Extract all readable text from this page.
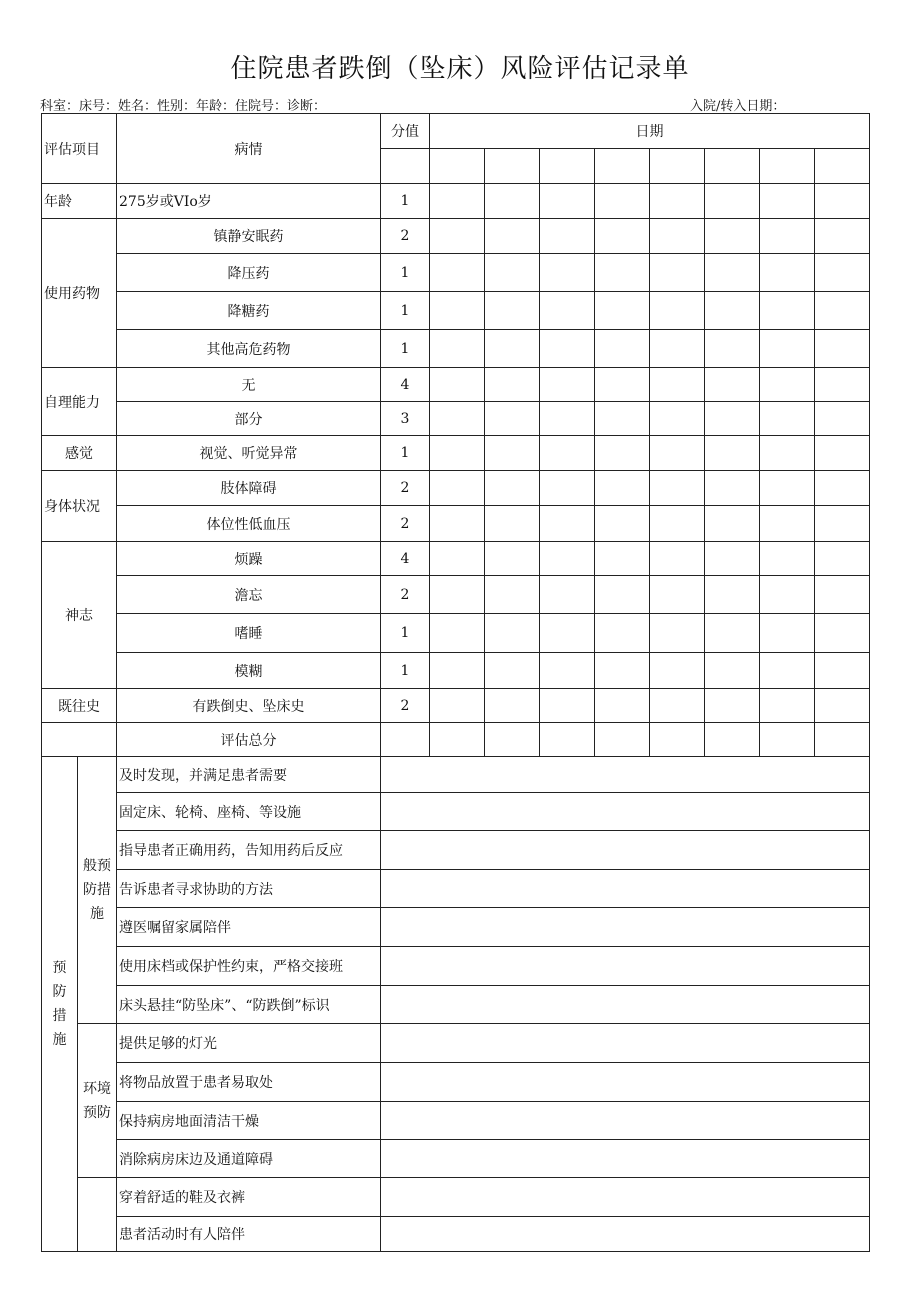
住院患者跌倒（坠床）风险评估记录单
科室：床号：姓名：性别：年龄：住院号：诊断：	入院/转入日期：
评估项目		病情	分值	日期							

年龄		275岁或VIo岁	1								
使用药物		镇静安眠药	2								
		降压药	1								
		降糖药	1								
		其他高危药物	1								
自理能力		无	4								
		部分	3								
感觉		视觉、听觉异常	1								
身体状况		肢体障碍	2								
		体位性低血压	2								
神志		烦躁	4								
		澹忘	2								
		嗜睡	1								
		模糊	1								
既往史		有跌倒史、坠床史	2								
		评估总分									
预防措施	般预防措施	及时发现，并满足患者需要									
		固定床、轮椅、座椅、等设施									
		指导患者正确用药，告知用药后反应									
		告诉患者寻求协助的方法									
		遵医嘱留家属陪伴									
		使用床档或保护性约束，严格交接班									
		床头悬挂“防坠床”、“防跌倒”标识									
	环境预防	提供足够的灯光									
		将物品放置于患者易取处									
		保持病房地面清洁干燥									
		消除病房床边及通道障碍									
		穿着舒适的鞋及衣裤									
		患者活动时有人陪伴									
